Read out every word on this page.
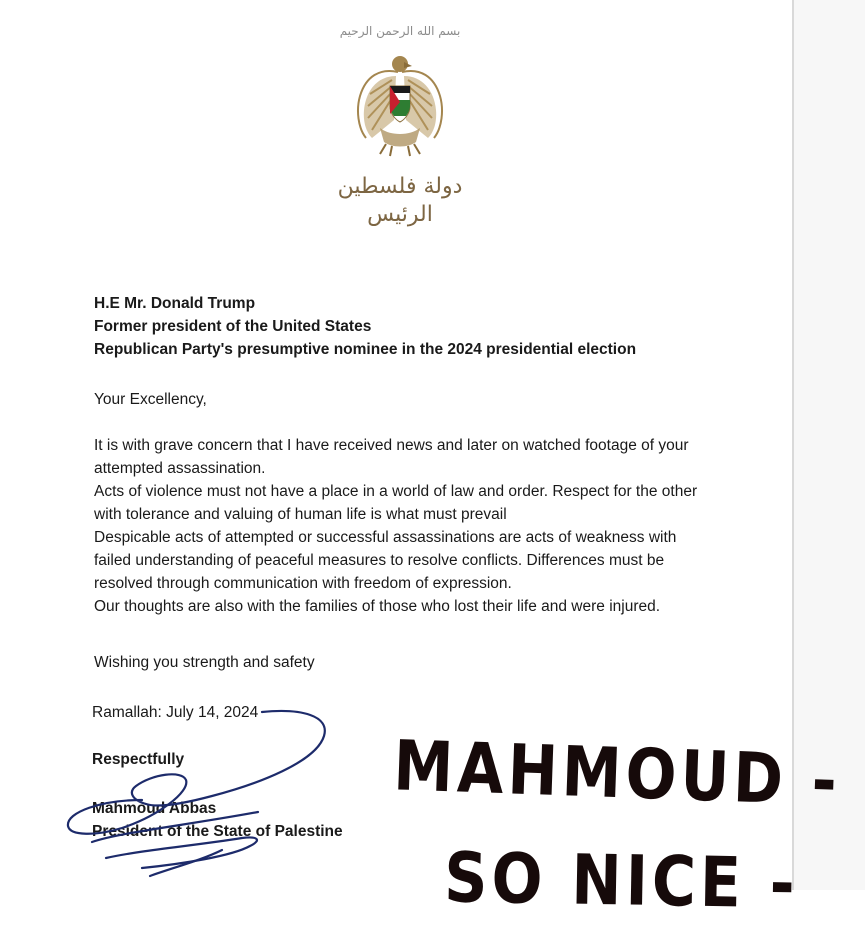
بسم الله الرحمن الرحيم
دولة فلسطين
الرئيس
H.E Mr. Donald Trump
Former president of the United States
Republican Party's presumptive nominee in the 2024 presidential election
Your Excellency,

It is with grave concern that I have received news and later on watched footage of your attempted assassination.

Acts of violence must not have a place in a world of law and order. Respect for the other with tolerance and valuing of human life is what must prevail

Despicable acts of attempted or successful assassinations are acts of weakness with failed understanding of peaceful measures to resolve conflicts. Differences must be resolved through communication with freedom of expression.

Our thoughts are also with the families of those who lost their life and were injured.

Wishing you strength and safety
Ramallah: July 14, 2024
Respectfully
Mahmoud Abbas
President of the State of Palestine
MAHMOUD -
SO NICE -
